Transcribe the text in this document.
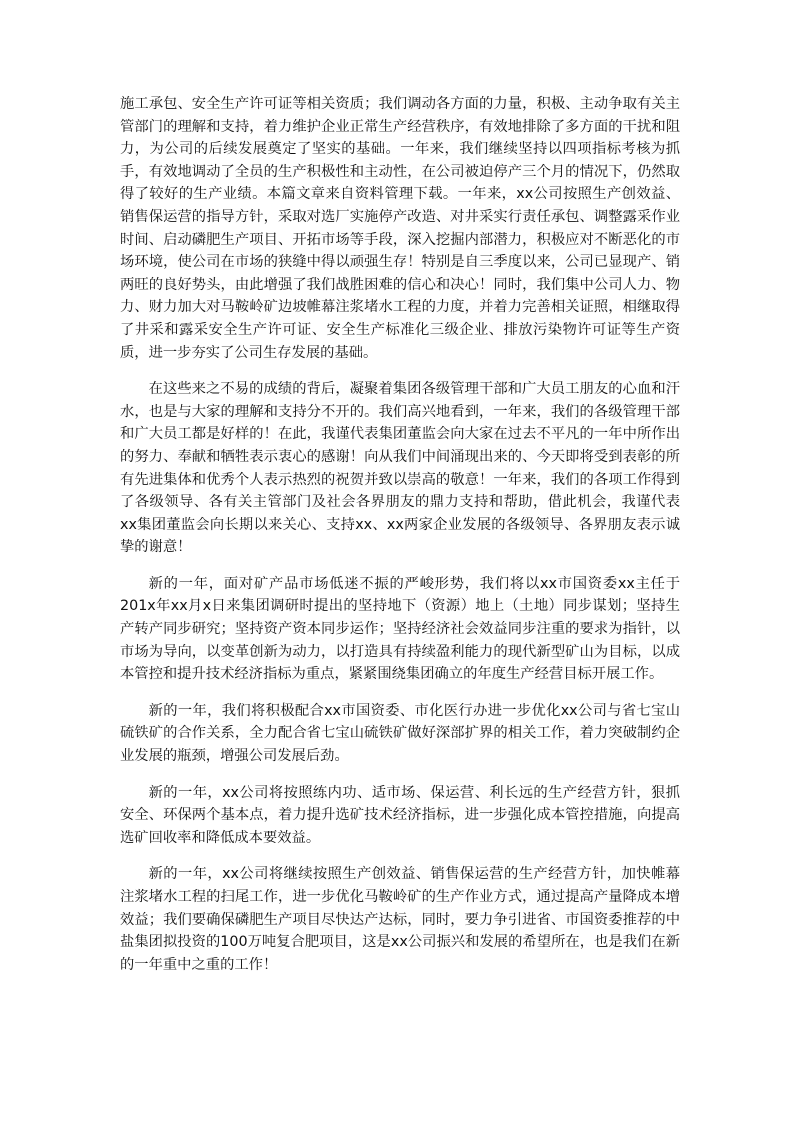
施工承包、安全生产许可证等相关资质；我们调动各方面的力量，积极、主动争取有关主管部门的理解和支持，着力维护企业正常生产经营秩序，有效地排除了多方面的干扰和阻力，为公司的后续发展奠定了坚实的基础。一年来，我们继续坚持以四项指标考核为抓手，有效地调动了全员的生产积极性和主动性，在公司被迫停产三个月的情况下，仍然取得了较好的生产业绩。本篇文章来自资料管理下载。一年来，xx公司按照生产创效益、销售保运营的指导方针，采取对选厂实施停产改造、对井采实行责任承包、调整露采作业时间、启动磷肥生产项目、开拓市场等手段，深入挖掘内部潜力，积极应对不断恶化的市场环境，使公司在市场的狭缝中得以顽强生存！特别是自三季度以来，公司已显现产、销两旺的良好势头，由此增强了我们战胜困难的信心和决心！同时，我们集中公司人力、物力、财力加大对马鞍岭矿边坡帷幕注浆堵水工程的力度，并着力完善相关证照，相继取得了井采和露采安全生产许可证、安全生产标准化三级企业、排放污染物许可证等生产资质，进一步夯实了公司生存发展的基础。

在这些来之不易的成绩的背后，凝聚着集团各级管理干部和广大员工朋友的心血和汗水，也是与大家的理解和支持分不开的。我们高兴地看到，一年来，我们的各级管理干部和广大员工都是好样的！在此，我谨代表集团董监会向大家在过去不平凡的一年中所作出的努力、奉献和牺牲表示衷心的感谢！向从我们中间涌现出来的、今天即将受到表彰的所有先进集体和优秀个人表示热烈的祝贺并致以崇高的敬意！一年来，我们的各项工作得到了各级领导、各有关主管部门及社会各界朋友的鼎力支持和帮助，借此机会，我谨代表xx集团董监会向长期以来关心、支持xx、xx两家企业发展的各级领导、各界朋友表示诚挚的谢意！

新的一年，面对矿产品市场低迷不振的严峻形势，我们将以xx市国资委xx主任于201x年xx月x日来集团调研时提出的坚持地下（资源）地上（土地）同步谋划；坚持生产转产同步研究；坚持资产资本同步运作；坚持经济社会效益同步注重的要求为指针，以市场为导向，以变革创新为动力，以打造具有持续盈利能力的现代新型矿山为目标，以成本管控和提升技术经济指标为重点，紧紧围绕集团确立的年度生产经营目标开展工作。

新的一年，我们将积极配合xx市国资委、市化医行办进一步优化xx公司与省七宝山硫铁矿的合作关系，全力配合省七宝山硫铁矿做好深部扩界的相关工作，着力突破制约企业发展的瓶颈，增强公司发展后劲。

新的一年，xx公司将按照练内功、适市场、保运营、利长远的生产经营方针，狠抓安全、环保两个基本点，着力提升选矿技术经济指标，进一步强化成本管控措施，向提高选矿回收率和降低成本要效益。

新的一年，xx公司将继续按照生产创效益、销售保运营的生产经营方针，加快帷幕注浆堵水工程的扫尾工作，进一步优化马鞍岭矿的生产作业方式，通过提高产量降成本增效益；我们要确保磷肥生产项目尽快达产达标，同时，要力争引进省、市国资委推荐的中盐集团拟投资的100万吨复合肥项目，这是xx公司振兴和发展的希望所在，也是我们在新的一年重中之重的工作！
